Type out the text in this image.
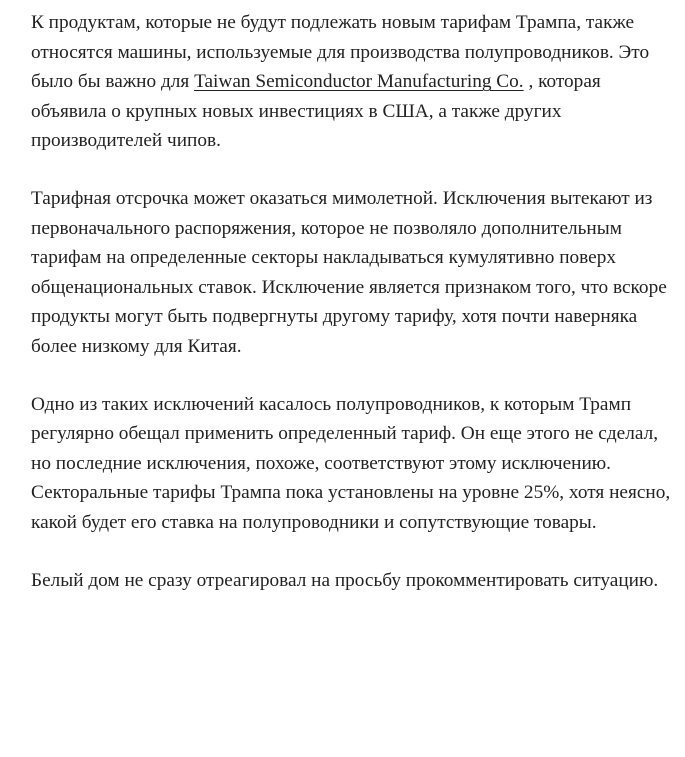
К продуктам, которые не будут подлежать новым тарифам Трампа, также относятся машины, используемые для производства полупроводников. Это было бы важно для Taiwan Semiconductor Manufacturing Co. , которая объявила о крупных новых инвестициях в США, а также других производителей чипов.

Тарифная отсрочка может оказаться мимолетной. Исключения вытекают из первоначального распоряжения, которое не позволяло дополнительным тарифам на определенные секторы накладываться кумулятивно поверх общенациональных ставок. Исключение является признаком того, что вскоре продукты могут быть подвергнуты другому тарифу, хотя почти наверняка более низкому для Китая.

Одно из таких исключений касалось полупроводников, к которым Трамп регулярно обещал применить определенный тариф. Он еще этого не сделал, но последние исключения, похоже, соответствуют этому исключению. Секторальные тарифы Трампа пока установлены на уровне 25%, хотя неясно, какой будет его ставка на полупроводники и сопутствующие товары.

Белый дом не сразу отреагировал на просьбу прокомментировать ситуацию.
